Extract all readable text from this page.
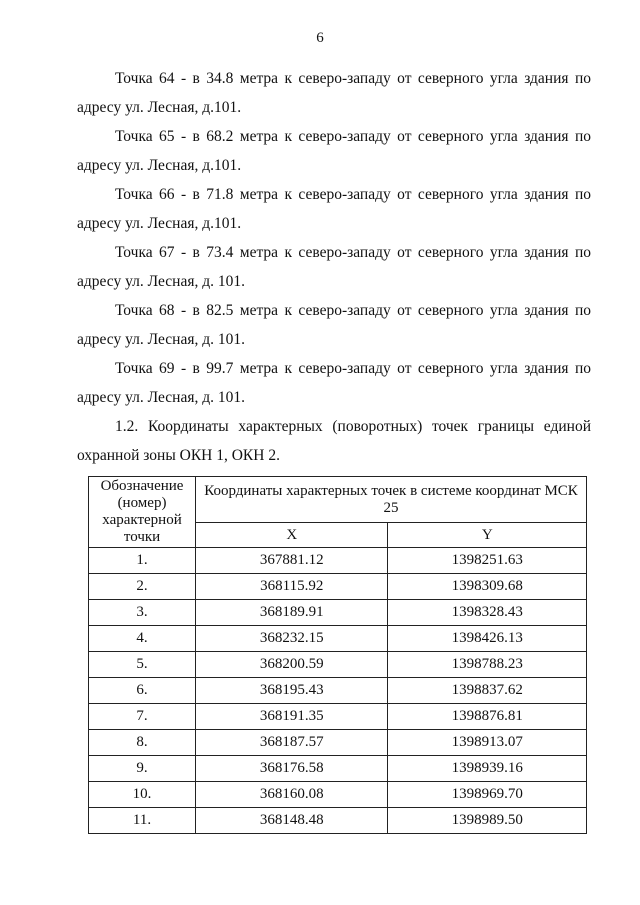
6
Точка 64 - в 34.8 метра к северо-западу от северного угла здания по
адресу ул. Лесная, д.101.
Точка 65 - в 68.2 метра к северо-западу от северного угла здания по
адресу ул. Лесная, д.101.
Точка 66 - в 71.8 метра к северо-западу от северного угла здания по
адресу ул. Лесная, д.101.
Точка 67 - в 73.4 метра к северо-западу от северного угла здания по
адресу ул. Лесная, д. 101.
Точка 68 - в 82.5 метра к северо-западу от северного угла здания по
адресу ул. Лесная, д. 101.
Точка 69 - в 99.7 метра к северо-западу от северного угла здания по
адресу ул. Лесная, д. 101.
1.2. Координаты характерных (поворотных) точек границы единой
охранной зоны ОКН 1, ОКН 2.
Обозначение (номер) характерной точки	Координаты характерных точек в системе координат МСК 25	
	X	Y
1.	367881.12	1398251.63
2.	368115.92	1398309.68
3.	368189.91	1398328.43
4.	368232.15	1398426.13
5.	368200.59	1398788.23
6.	368195.43	1398837.62
7.	368191.35	1398876.81
8.	368187.57	1398913.07
9.	368176.58	1398939.16
10.	368160.08	1398969.70
11.	368148.48	1398989.50
